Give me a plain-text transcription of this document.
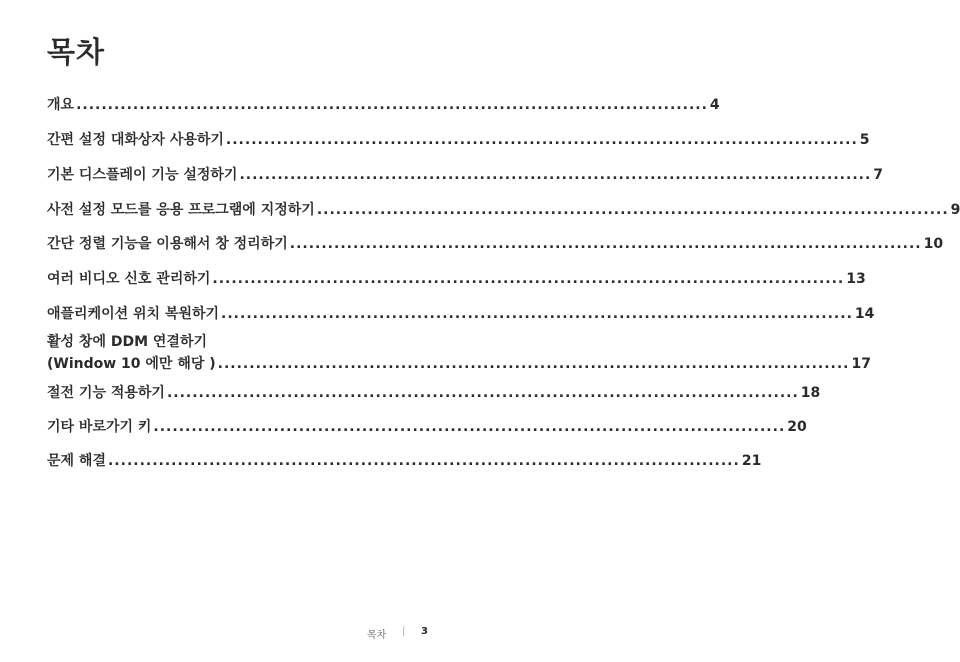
목차
개요 .................................................................................................... 4
간편 설정 대화상자 사용하기 .................................................................................................... 5
기본 디스플레이 기능 설정하기 .................................................................................................... 7
사전 설정 모드를 응용 프로그램에 지정하기 .................................................................................................... 9
간단 정렬 기능을 이용해서 창 정리하기 .................................................................................................... 10
여러 비디오 신호 관리하기 .................................................................................................... 13
애플리케이션 위치 복원하기 .................................................................................................... 14
활성 창에 DDM 연결하기
(Window 10 에만 해당 ) .................................................................................................... 17
절전 기능 적용하기 .................................................................................................... 18
기타 바로가기 키 .................................................................................................... 20
문제 해결 .................................................................................................... 21
목차 | 3
